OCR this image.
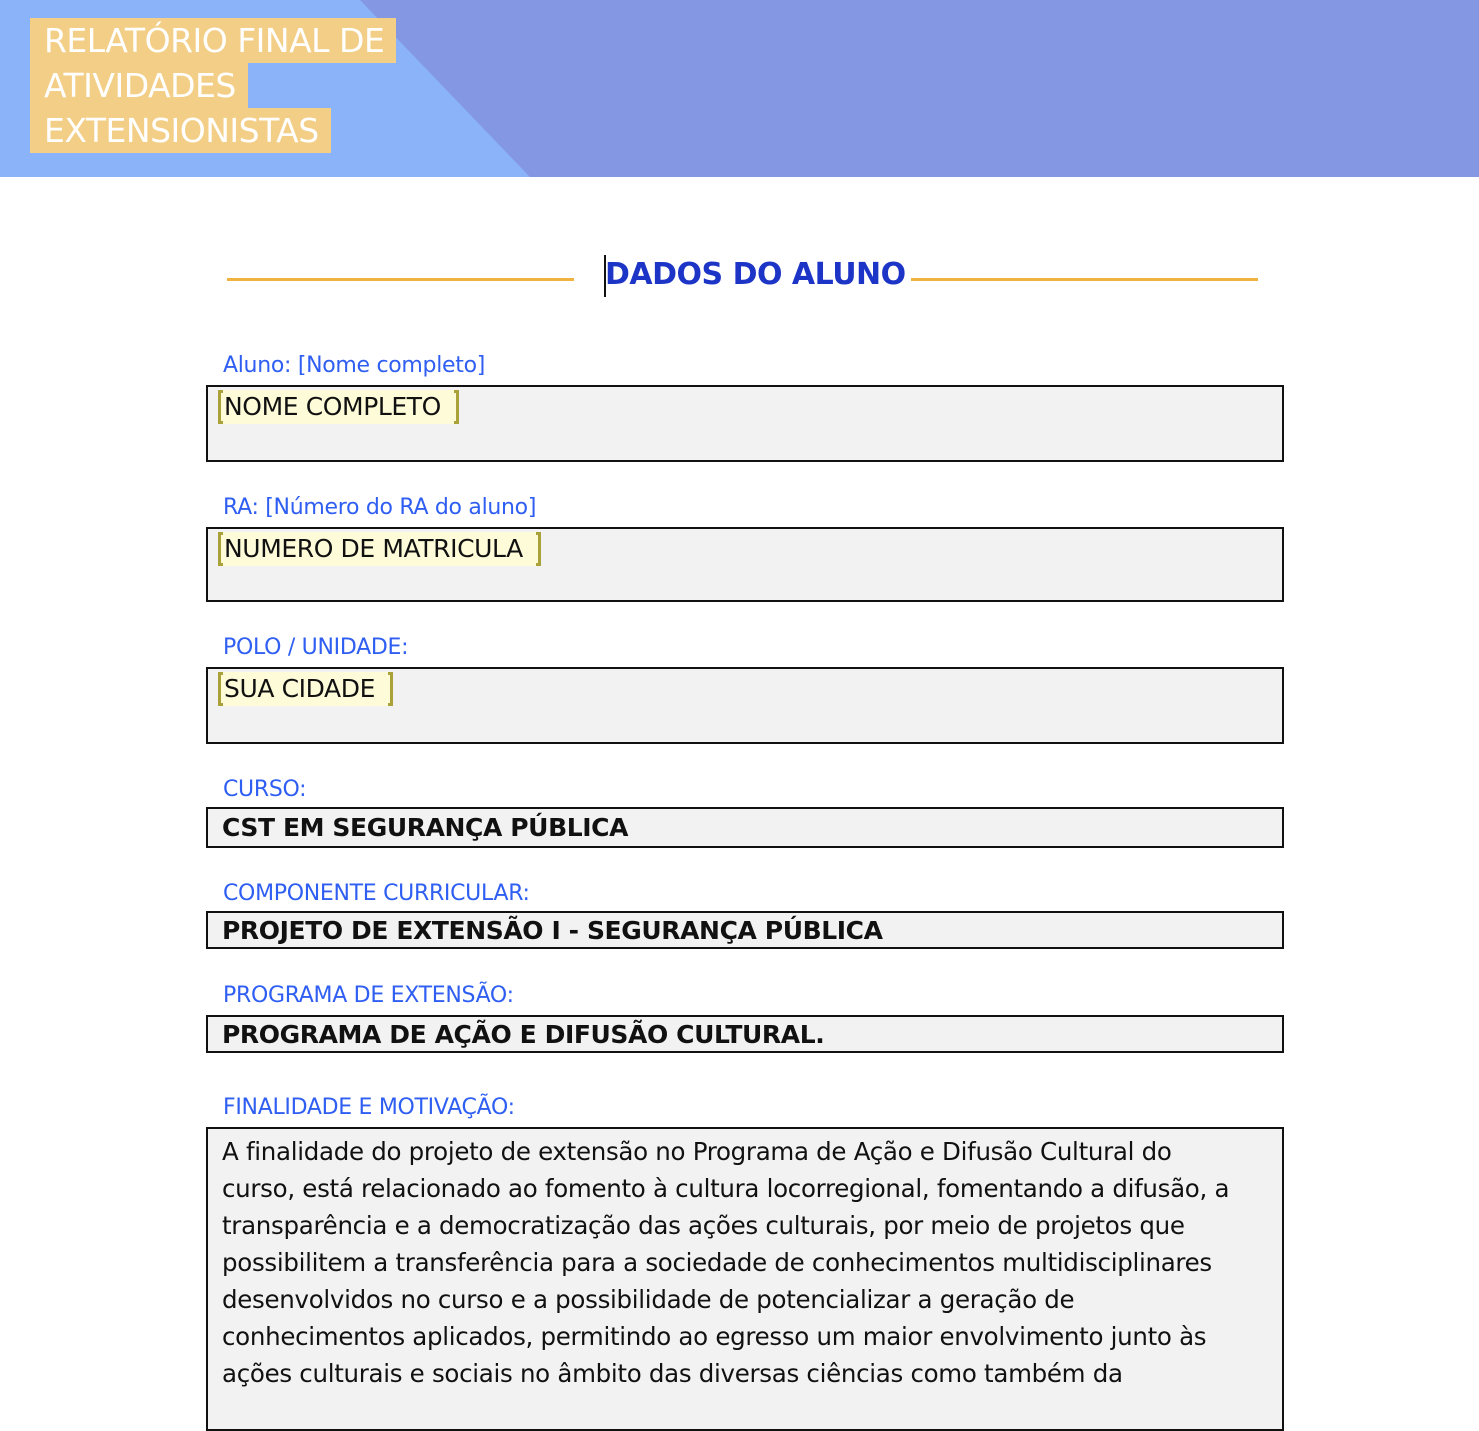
RELATÓRIO FINAL DE
ATIVIDADES
EXTENSIONISTAS
DADOS DO ALUNO
Aluno: [Nome completo]
NOME COMPLETO
RA: [Número do RA do aluno]
NUMERO DE MATRICULA
POLO / UNIDADE:
SUA CIDADE
CURSO:
CST EM SEGURANÇA PÚBLICA
COMPONENTE CURRICULAR:
PROJETO DE EXTENSÃO I - SEGURANÇA PÚBLICA
PROGRAMA DE EXTENSÃO:
PROGRAMA DE AÇÃO E DIFUSÃO CULTURAL.
FINALIDADE E MOTIVAÇÃO:
A finalidade do projeto de extensão no Programa de Ação e Difusão Cultural do
curso, está relacionado ao fomento à cultura locorregional, fomentando a difusão, a
transparência e a democratização das ações culturais, por meio de projetos que
possibilitem a transferência para a sociedade de conhecimentos multidisciplinares
desenvolvidos no curso e a possibilidade de potencializar a geração de
conhecimentos aplicados, permitindo ao egresso um maior envolvimento junto às
ações culturais e sociais no âmbito das diversas ciências como também da
